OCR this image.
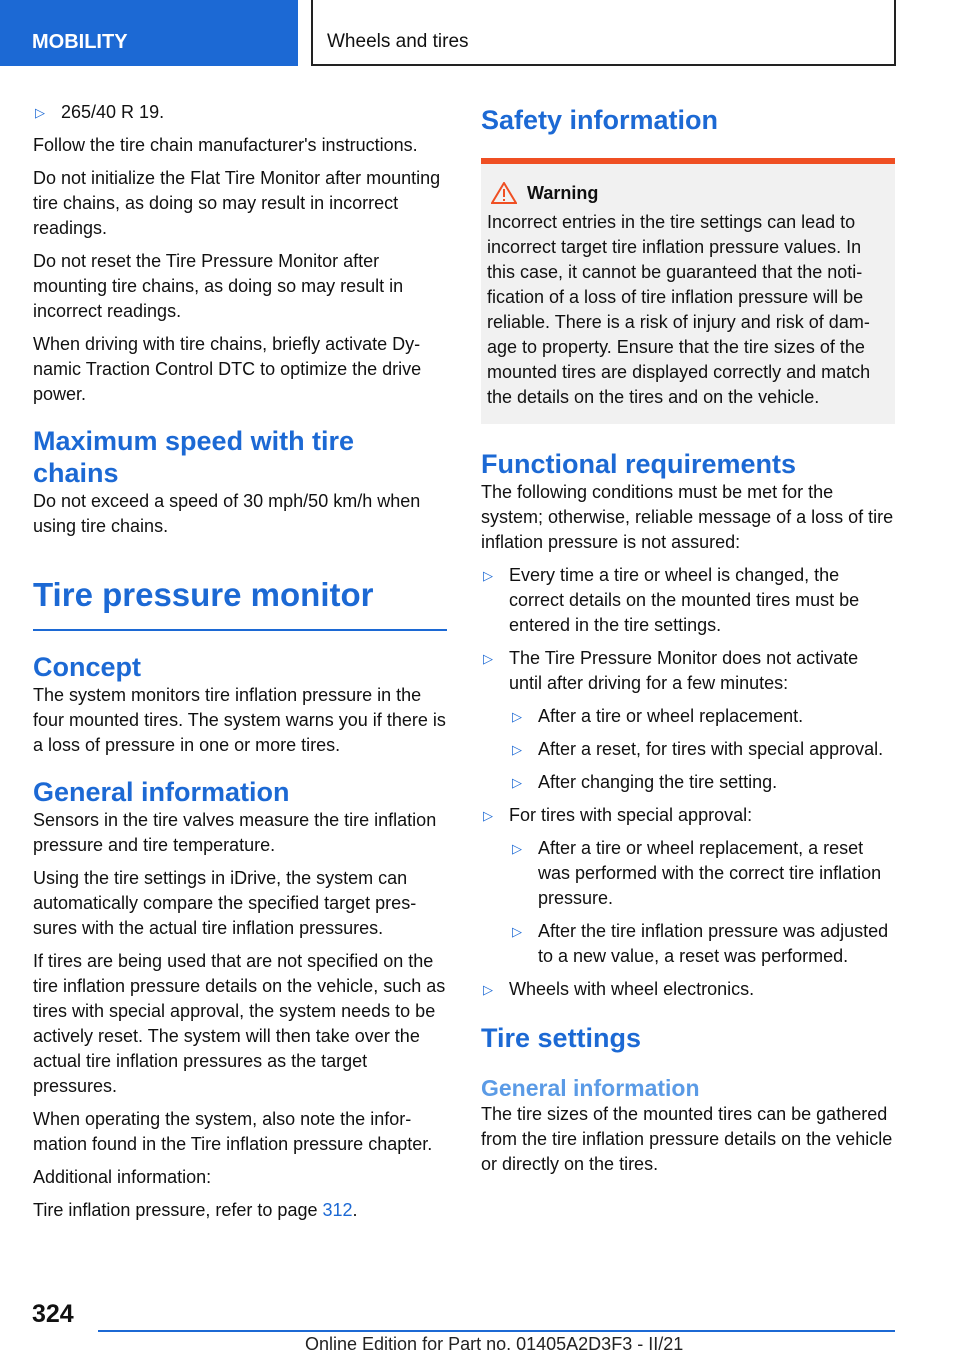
MOBILITY	Wheels and tires
▷ 265/40 R 19.

Follow the tire chain manufacturer's instructions.

Do not initialize the Flat Tire Monitor after mounting tire chains, as doing so may result in incorrect readings.

Do not reset the Tire Pressure Monitor after mounting tire chains, as doing so may result in incorrect readings.

When driving with tire chains, briefly activate Dynamic Traction Control DTC to optimize the drive power.

Maximum speed with tire chains

Do not exceed a speed of 30 mph/50 km/h when using tire chains.

Tire pressure monitor
Concept

The system monitors tire inflation pressure in the four mounted tires. The system warns you if there is a loss of pressure in one or more tires.

General information

Sensors in the tire valves measure the tire inflation pressure and tire temperature.

Using the tire settings in iDrive, the system can automatically compare the specified target pressures with the actual tire inflation pressures.

If tires are being used that are not specified on the tire inflation pressure details on the vehicle, such as tires with special approval, the system needs to be actively reset. The system will then take over the actual tire inflation pressures as the target pressures.

When operating the system, also note the information found in the Tire inflation pressure chapter.

Additional information:

Tire inflation pressure, refer to page 312.

Safety information
Warning

Incorrect entries in the tire settings can lead to incorrect target tire inflation pressure values. In this case, it cannot be guaranteed that the notification of a loss of tire inflation pressure will be reliable. There is a risk of injury and risk of damage to property. Ensure that the tire sizes of the mounted tires are displayed correctly and match the details on the tires and on the vehicle.

Functional requirements

The following conditions must be met for the system; otherwise, reliable message of a loss of tire inflation pressure is not assured:

▷ Every time a tire or wheel is changed, the correct details on the mounted tires must be entered in the tire settings.
▷ The Tire Pressure Monitor does not activate until after driving for a few minutes:
▷ After a tire or wheel replacement.
▷ After a reset, for tires with special approval.
▷ After changing the tire setting.
▷ For tires with special approval:
▷ After a tire or wheel replacement, a reset was performed with the correct tire inflation pressure.
▷ After the tire inflation pressure was adjusted to a new value, a reset was performed.
▷ Wheels with wheel electronics.
Tire settings
General information

The tire sizes of the mounted tires can be gathered from the tire inflation pressure details on the vehicle or directly on the tires.

324
Online Edition for Part no. 01405A2D3F3 - II/21
